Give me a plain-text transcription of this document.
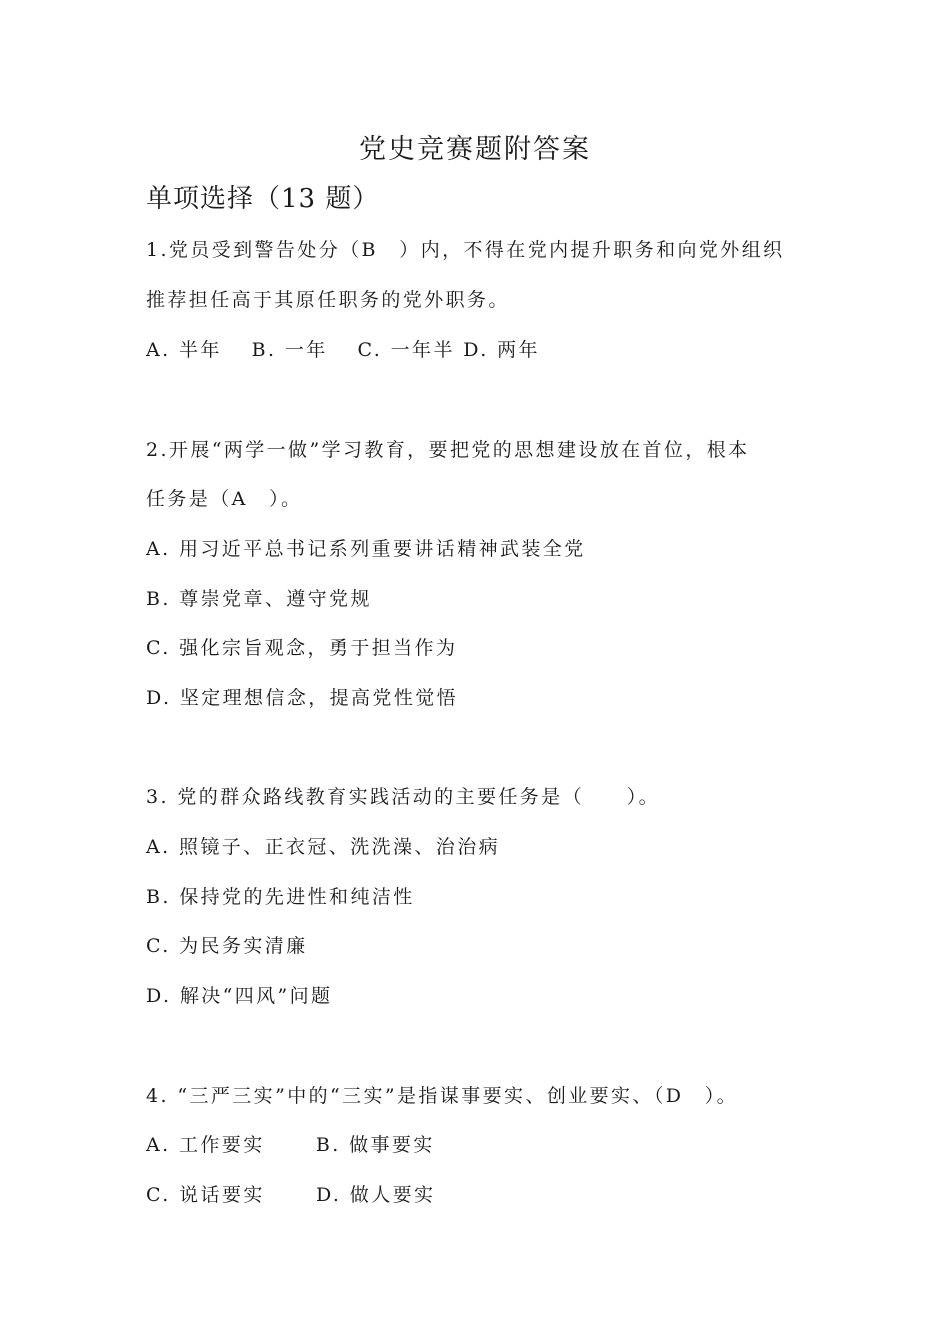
党史竞赛题附答案
单项选择（13 题）
1.党员受到警告处分（B　）内，不得在党内提升职务和向党外组织
推荐担任高于其原任职务的党外职务。
A. 半年　 B. 一年　 C. 一年半 D. 两年
2.开展“两学一做”学习教育，要把党的思想建设放在首位，根本
任务是（A　）。
A. 用习近平总书记系列重要讲话精神武装全党
B. 尊崇党章、遵守党规
C. 强化宗旨观念，勇于担当作为
D. 坚定理想信念，提高党性觉悟
3. 党的群众路线教育实践活动的主要任务是（　　）。
A. 照镜子、正衣冠、洗洗澡、治治病
B. 保持党的先进性和纯洁性
C. 为民务实清廉
D. 解决“四风”问题
4. “三严三实”中的“三实”是指谋事要实、创业要实、（D　）。
A. 工作要实　　 B. 做事要实
C. 说话要实　　 D. 做人要实
